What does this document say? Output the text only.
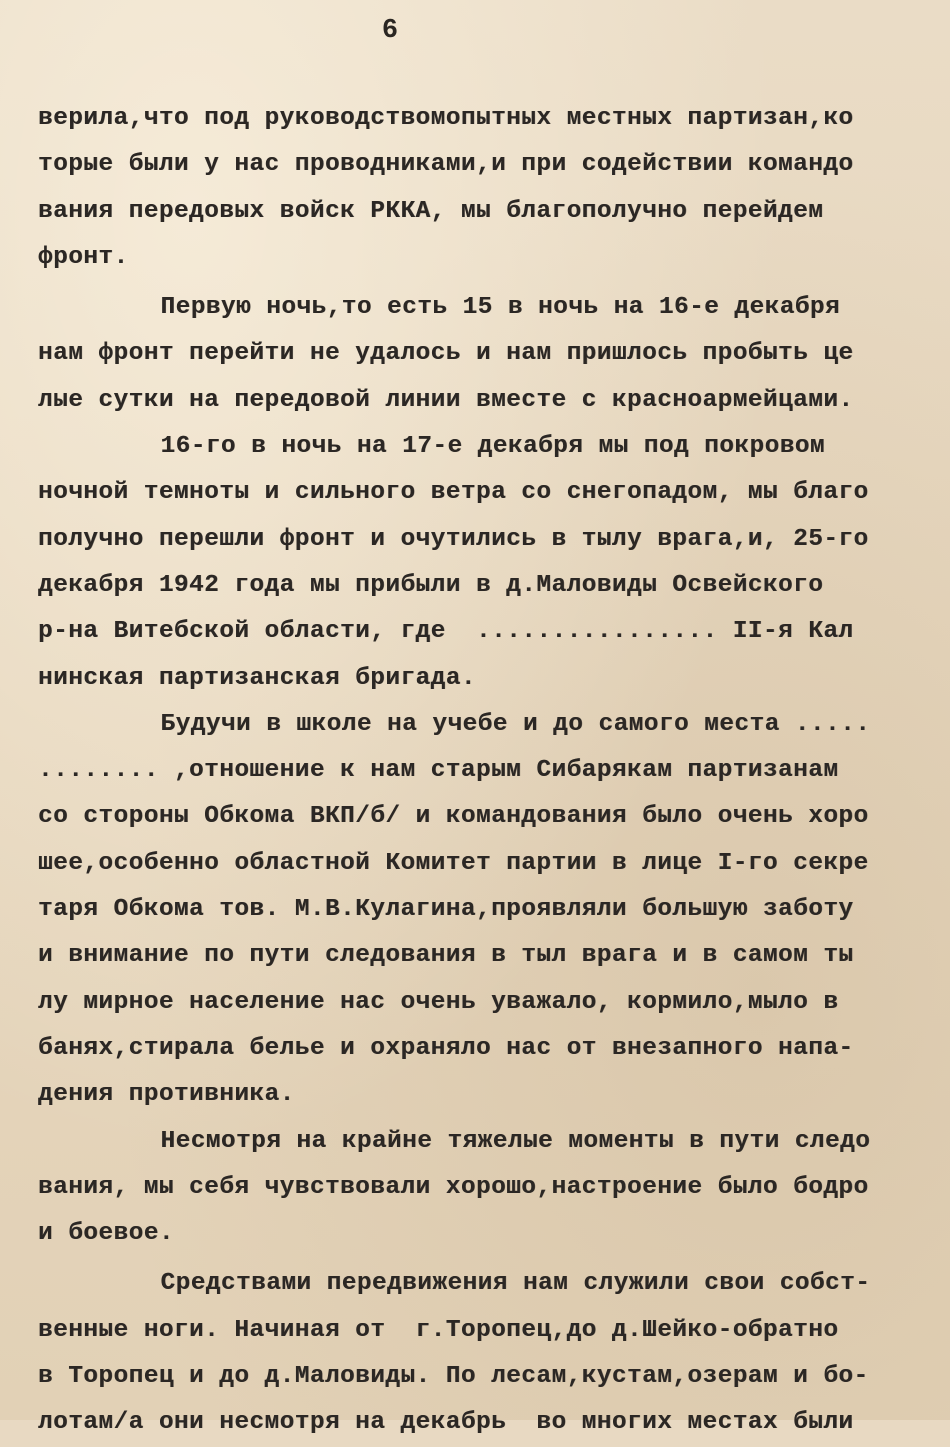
6
верила,что под руководствомопытных местных партизан,ко
торые были у нас проводниками,и при содействии командо
вания передовых войск РККА, мы благополучно перейдем
фронт.
Первую ночь,то есть 15 в ночь на 16-е декабря
нам фронт перейти не удалось и нам пришлось пробыть це
лые сутки на передовой линии вместе с красноармейцами.
16-го в ночь на 17-е декабря мы под покровом
ночной темноты и сильного ветра со снегопадом, мы благо
получно перешли фронт и очутились в тылу врага,и, 25-го
декабря 1942 года мы прибыли в д.Маловиды Освейского
р-на Витебской области, где  ................ II-я Кал
нинская партизанская бригада.
Будучи в школе на учебе и до самого места .....
........ ,отношение к нам старым Сибарякам партизанам
со стороны Обкома ВКП/б/ и командования было очень хоро
шее,особенно областной Комитет партии в лице I-го секре
таря Обкома тов. М.В.Кулагина,проявляли большую заботу
и внимание по пути следования в тыл врага и в самом ты
лу мирное население нас очень уважало, кормило,мыло в
банях,стирала белье и охраняло нас от внезапного напа-
дения противника.
Несмотря на крайне тяжелые моменты в пути следо
вания, мы себя чувствовали хорошо,настроение было бодро
и боевое.
Средствами передвижения нам служили свои собст-
венные ноги. Начиная от  г.Торопец,до д.Шейко-обратно
в Торопец и до д.Маловиды. По лесам,кустам,озерам и бо-
лотам/а они несмотря на декабрь  во многих местах были
